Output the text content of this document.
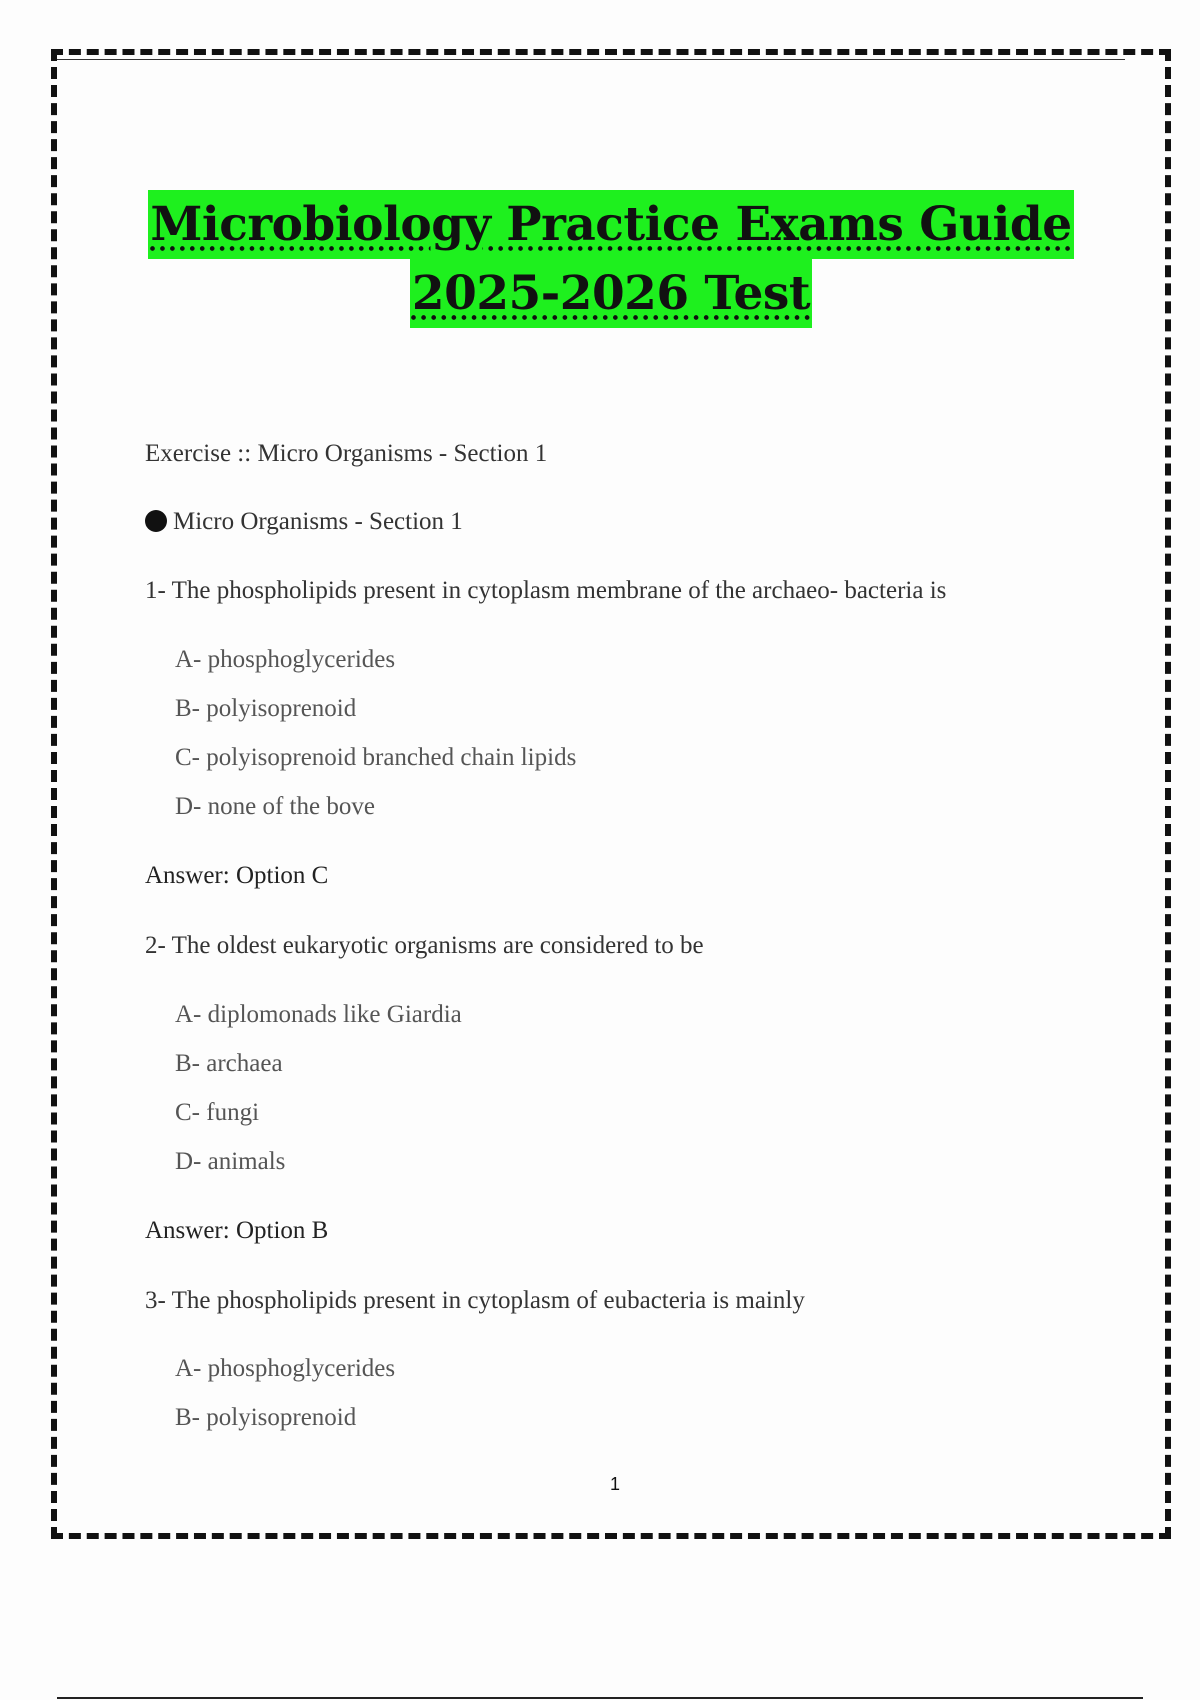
Microbiology Practice Exams Guide
2025-2026 Test
Exercise :: Micro Organisms - Section 1
Micro Organisms - Section 1
1- The phospholipids present in cytoplasm membrane of the archaeo- bacteria is
A- phosphoglycerides
B- polyisoprenoid
C- polyisoprenoid branched chain lipids
D- none of the bove
Answer: Option C
2- The oldest eukaryotic organisms are considered to be
A- diplomonads like Giardia
B- archaea
C- fungi
D- animals
Answer: Option B
3- The phospholipids present in cytoplasm of eubacteria is mainly
A- phosphoglycerides
B- polyisoprenoid
1
